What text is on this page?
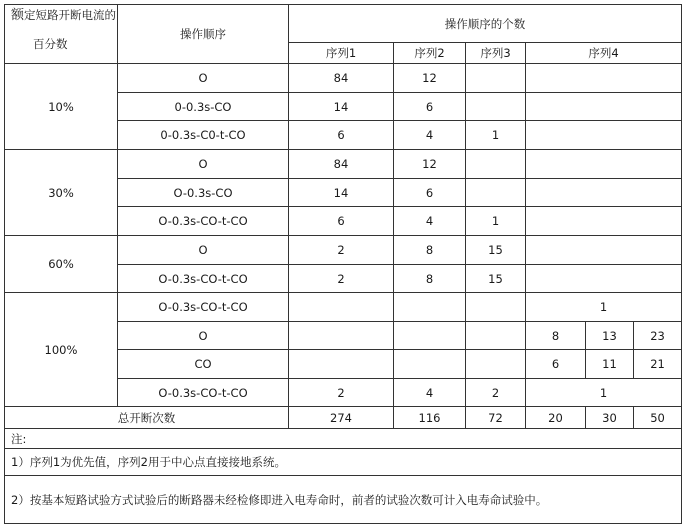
额定短路开断电流的
百分数	操作顺序	操作顺序的个数					
		序列1	序列2	序列3	序列4		
10%	O	84	12				
	0-0.3s-CO	14	6				
	0-0.3s-C0-t-CO	6	4	1			
30%	O	84	12				
	O-0.3s-CO	14	6				
	O-0.3s-CO-t-CO	6	4	1			
60%	O	2	8	15			
	O-0.3s-CO-t-CO	2	8	15			
100%	O-0.3s-CO-t-CO				1		
	O				8	13	23
	CO				6	11	21
	O-0.3s-CO-t-CO	2	4	2	1		
总开断次数		274	116	72	20	30	50
注:							
1）序列1为优先值，序列2用于中心点直接接地系统。							
2）按基本短路试验方式试验后的断路器未经检修即进入电寿命时，前者的试验次数可计入电寿命试验中。							
